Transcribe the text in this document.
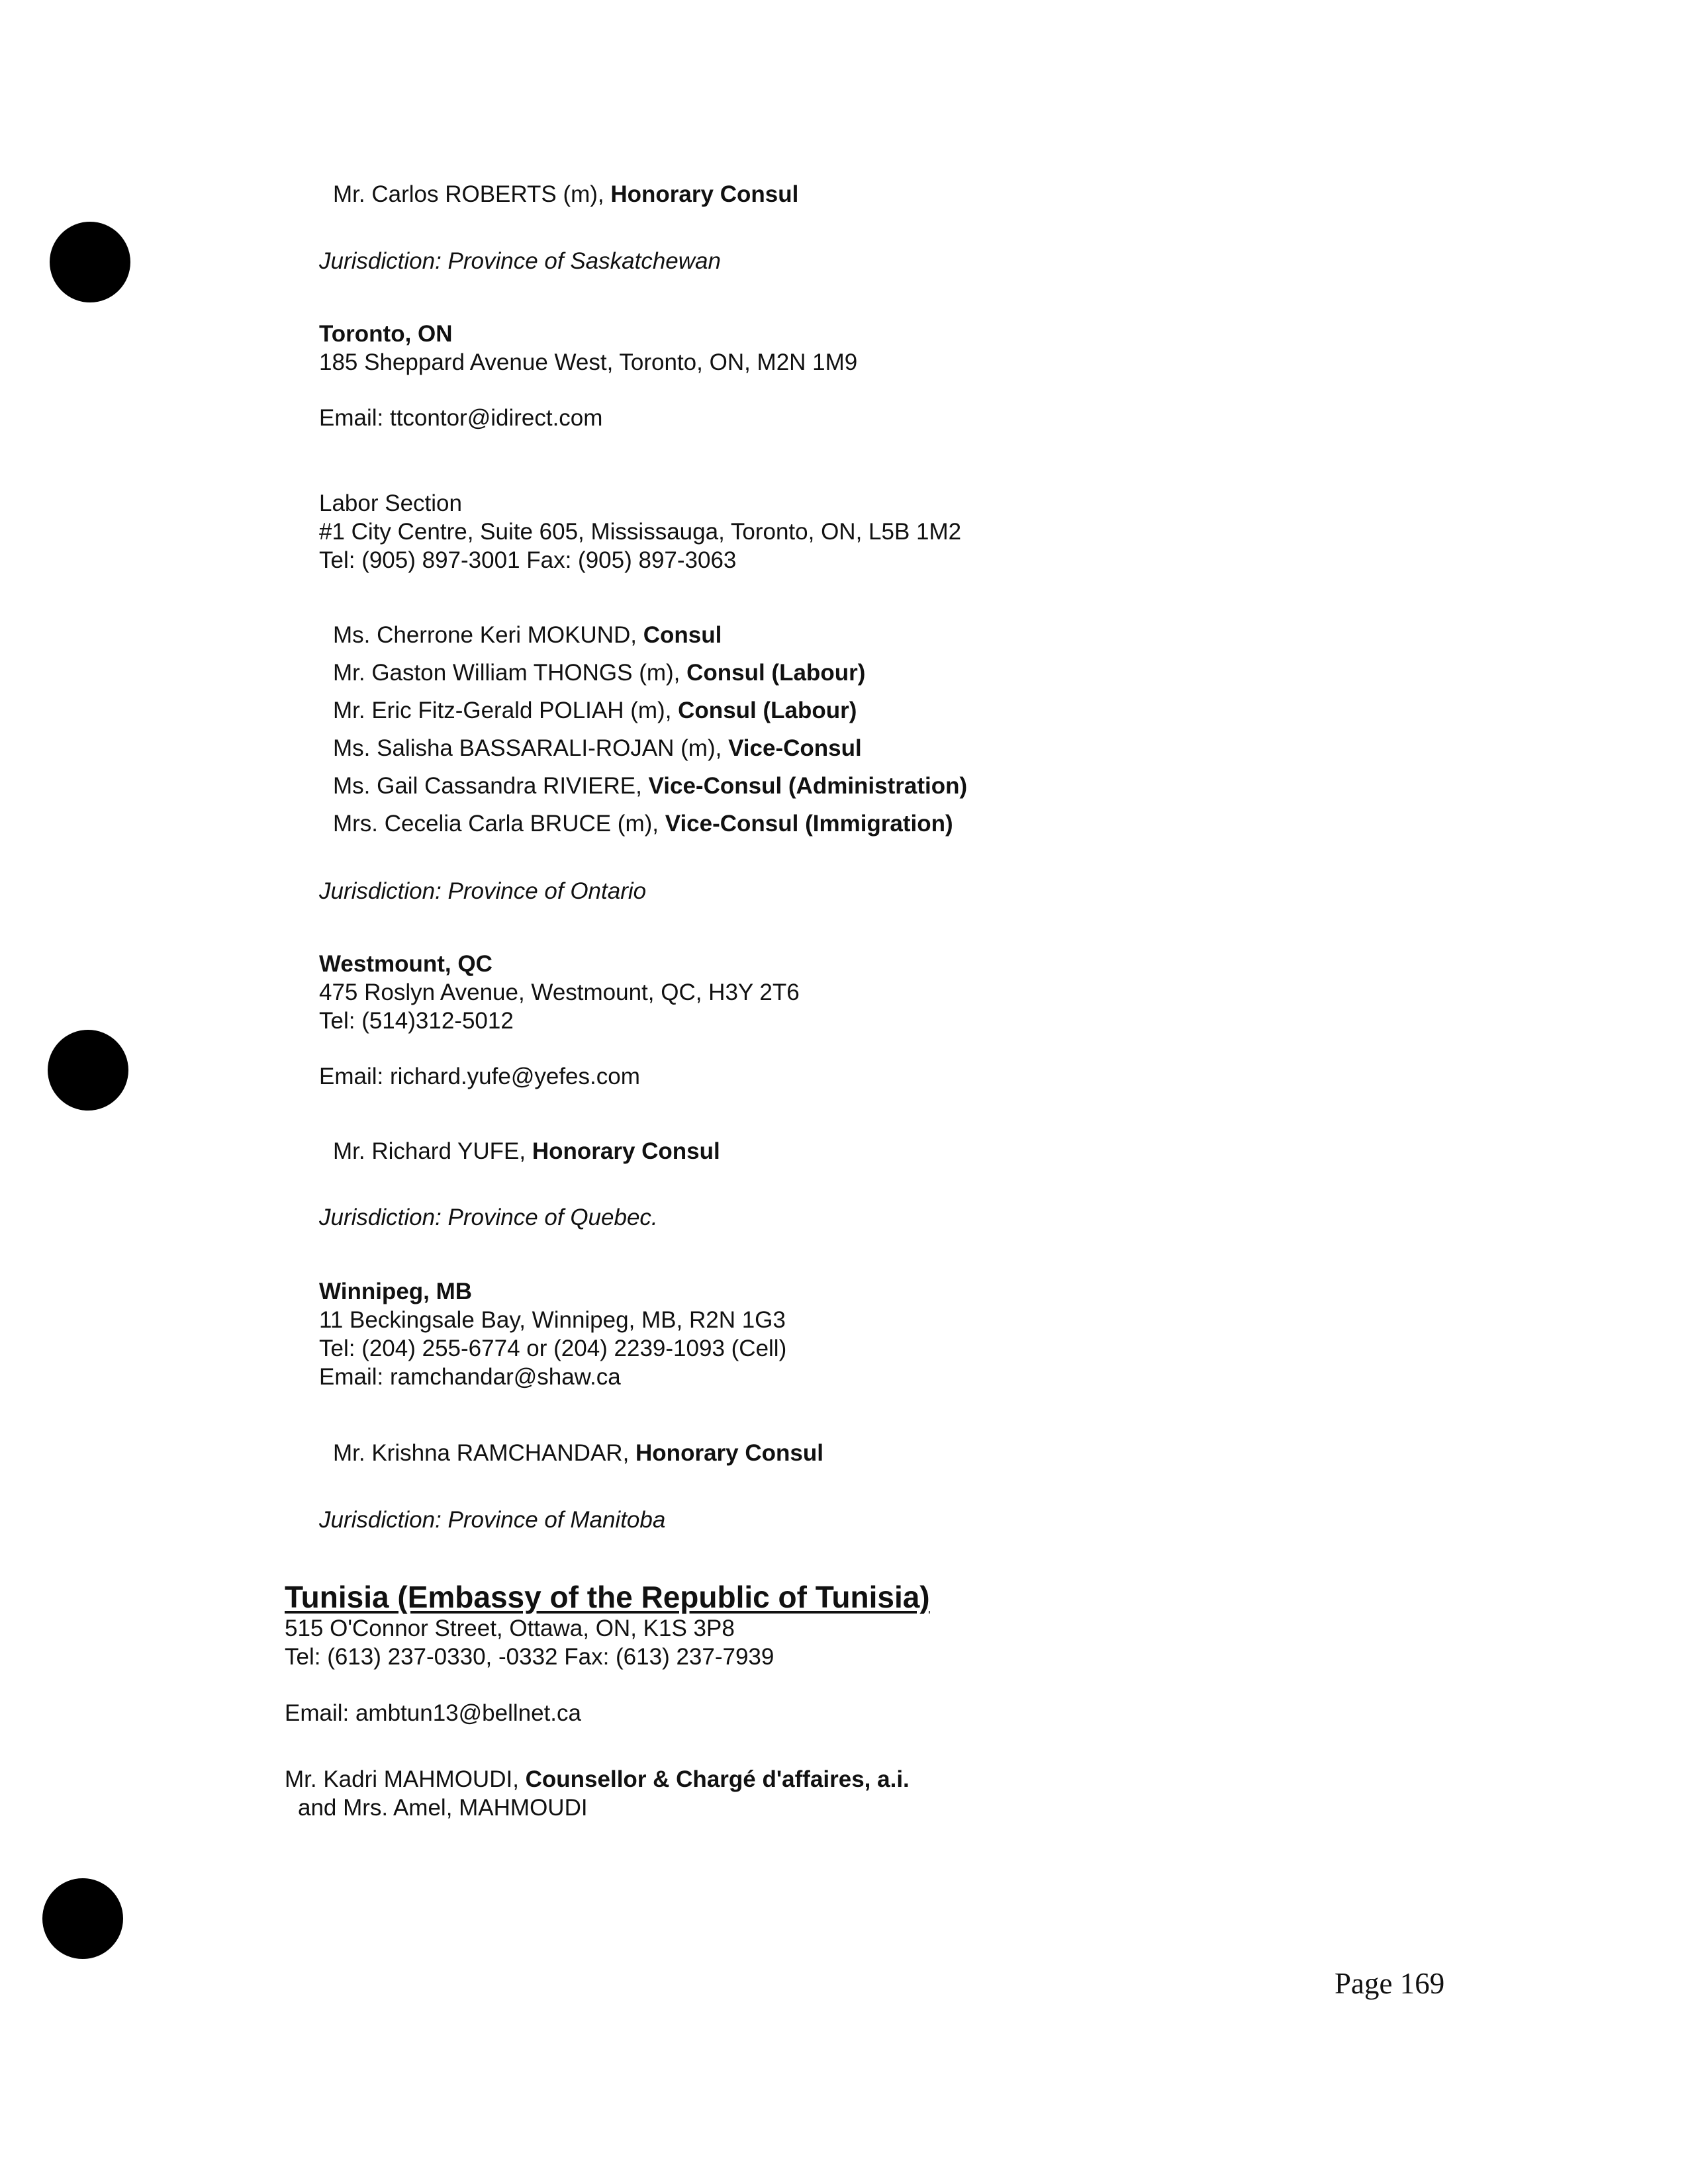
Mr. Carlos ROBERTS (m), Honorary Consul
Jurisdiction: Province of Saskatchewan
Toronto, ON
185 Sheppard Avenue West, Toronto, ON, M2N 1M9
Email: ttcontor@idirect.com
Labor Section
#1 City Centre, Suite 605, Mississauga, Toronto, ON, L5B 1M2
Tel: (905) 897-3001 Fax: (905) 897-3063
Ms. Cherrone Keri MOKUND, Consul
Mr. Gaston William THONGS (m), Consul (Labour)
Mr. Eric Fitz-Gerald POLIAH (m), Consul (Labour)
Ms. Salisha BASSARALI-ROJAN (m), Vice-Consul
Ms. Gail Cassandra RIVIERE, Vice-Consul (Administration)
Mrs. Cecelia Carla BRUCE (m), Vice-Consul (Immigration)
Jurisdiction: Province of Ontario
Westmount, QC
475 Roslyn Avenue, Westmount, QC, H3Y 2T6
Tel: (514)312-5012
Email: richard.yufe@yefes.com
Mr. Richard YUFE, Honorary Consul
Jurisdiction: Province of Quebec.
Winnipeg, MB
11 Beckingsale Bay, Winnipeg, MB, R2N 1G3
Tel: (204) 255-6774 or (204) 2239-1093 (Cell)
Email: ramchandar@shaw.ca
Mr. Krishna RAMCHANDAR, Honorary Consul
Jurisdiction: Province of Manitoba
Tunisia (Embassy of the Republic of Tunisia)
515 O'Connor Street, Ottawa, ON, K1S 3P8
Tel: (613) 237-0330, -0332 Fax: (613) 237-7939
Email: ambtun13@bellnet.ca
Mr. Kadri MAHMOUDI, Counsellor & Chargé d'affaires, a.i.
and Mrs. Amel, MAHMOUDI
Page 169
